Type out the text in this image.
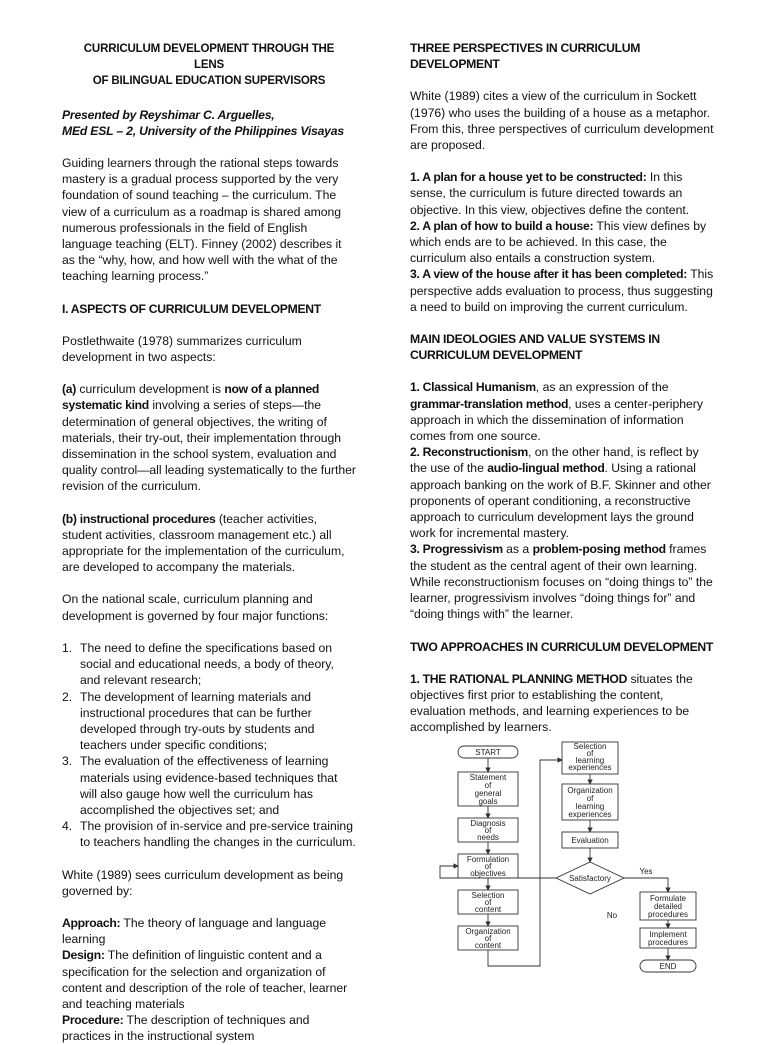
CURRICULUM DEVELOPMENT THROUGH THE LENS
OF BILINGUAL EDUCATION SUPERVISORS
Presented by Reyshimar C. Arguelles,
MEd ESL – 2, University of the Philippines Visayas

Guiding learners through the rational steps towards mastery is a gradual process supported by the very foundation of sound teaching – the curriculum. The view of a curriculum as a roadmap is shared among numerous professionals in the field of English language teaching (ELT). Finney (2002) describes it as the “why, how, and how well with the what of the teaching learning process.”

I. ASPECTS OF CURRICULUM DEVELOPMENT

Postlethwaite (1978) summarizes curriculum development in two aspects:

(a) curriculum development is now of a planned systematic kind involving a series of steps—the determination of general objectives, the writing of materials, their try-out, their implementation through dissemination in the school system, evaluation and quality control—all leading systematically to the further revision of the curriculum.

(b) instructional procedures (teacher activities, student activities, classroom management etc.) all appropriate for the implementation of the curriculum, are developed to accompany the materials.

On the national scale, curriculum planning and development is governed by four major functions:

1. The need to define the specifications based on social and educational needs, a body of theory, and relevant research;
2. The development of learning materials and instructional procedures that can be further developed through try-outs by students and teachers under specific conditions;
3. The evaluation of the effectiveness of learning materials using evidence-based techniques that will also gauge how well the curriculum has accomplished the objectives set; and
4. The provision of in-service and pre-service training to teachers handling the changes in the curriculum.

White (1989) sees curriculum development as being governed by:

Approach: The theory of language and language learning

Design: The definition of linguistic content and a specification for the selection and organization of content and description of the role of teacher, learner and teaching materials

Procedure: The description of techniques and practices in the instructional system

THREE PERSPECTIVES IN CURRICULUM DEVELOPMENT

White (1989) cites a view of the curriculum in Sockett (1976) who uses the building of a house as a metaphor. From this, three perspectives of curriculum development are proposed.

1. A plan for a house yet to be constructed: In this sense, the curriculum is future directed towards an objective. In this view, objectives define the content.

2. A plan of how to build a house: This view defines by which ends are to be achieved. In this case, the curriculum also entails a construction system.

3. A view of the house after it has been completed: This perspective adds evaluation to process, thus suggesting a need to build on improving the current curriculum.

MAIN IDEOLOGIES AND VALUE SYSTEMS IN CURRICULUM DEVELOPMENT

1. Classical Humanism, as an expression of the grammar-translation method, uses a center-periphery approach in which the dissemination of information comes from one source.

2. Reconstructionism, on the other hand, is reflect by the use of the audio-lingual method. Using a rational approach banking on the work of B.F. Skinner and other proponents of operant conditioning, a reconstructive approach to curriculum development lays the ground work for incremental mastery.

3. Progressivism as a problem-posing method frames the student as the central agent of their own learning. While reconstructionism focuses on “doing things to” the learner, progressivism involves “doing things for” and “doing things with” the learner.

TWO APPROACHES IN CURRICULUM DEVELOPMENT

1. THE RATIONAL PLANNING METHOD situates the objectives first prior to establishing the content, evaluation methods, and learning experiences to be accomplished by learners.

START
Statement
of
general
goals
Diagnosis
of
needs
Formulation
of
objectives
Selection
of
content
Organization
of
content
Selection
of
learning
experiences
Organization
of
learning
experiences
Evaluation
Satisfactory
Yes
No
Formulate
detailed
procedures
Implement
procedures
END
